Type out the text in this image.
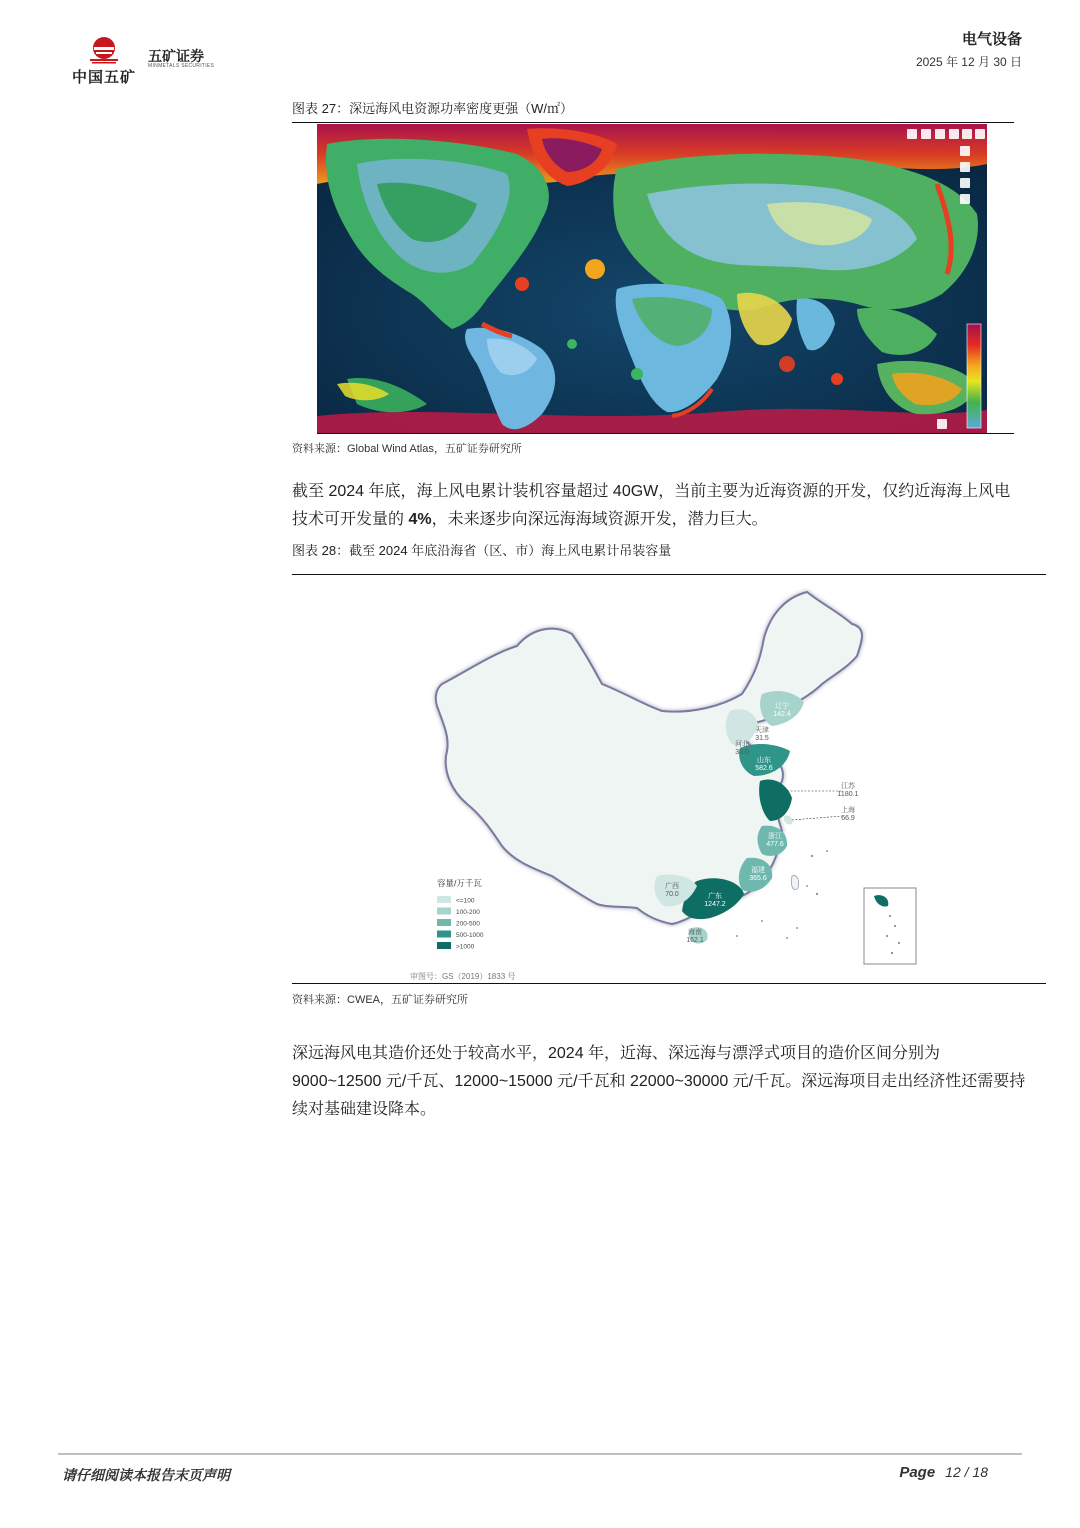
中国五矿
五矿证券
MINMETALS SECURITIES
电气设备
2025 年 12 月 30 日
图表 27：深远海风电资源功率密度更强（W/㎡）
资料来源：Global Wind Atlas，五矿证券研究所

截至 2024 年底，海上风电累计装机容量超过 40GW，当前主要为近海资源的开发，仅约近海海上风电技术可开发量的 4%，未来逐步向深远海海域资源开发，潜力巨大。

图表 28：截至 2024 年底沿海省（区、市）海上风电累计吊装容量
容量/万千瓦
<=100
100-200
200-500
500-1000
>1000
审图号：GS（2019）1833 号
辽宁
142.4
天津
31.5
河北
30.0
山东
582.6
江苏
1180.1
上海
66.9
浙江
477.6
福建
365.6
广西
70.0	广东
1247.2
海南
162.1
资料来源：CWEA，五矿证券研究所

深远海风电其造价还处于较高水平，2024 年，近海、深远海与漂浮式项目的造价区间分别为 9000~12500 元/千瓦、12000~15000 元/千瓦和 22000~30000 元/千瓦。深远海项目走出经济性还需要持续对基础建设降本。

请仔细阅读本报告末页声明	Page 12 / 18
